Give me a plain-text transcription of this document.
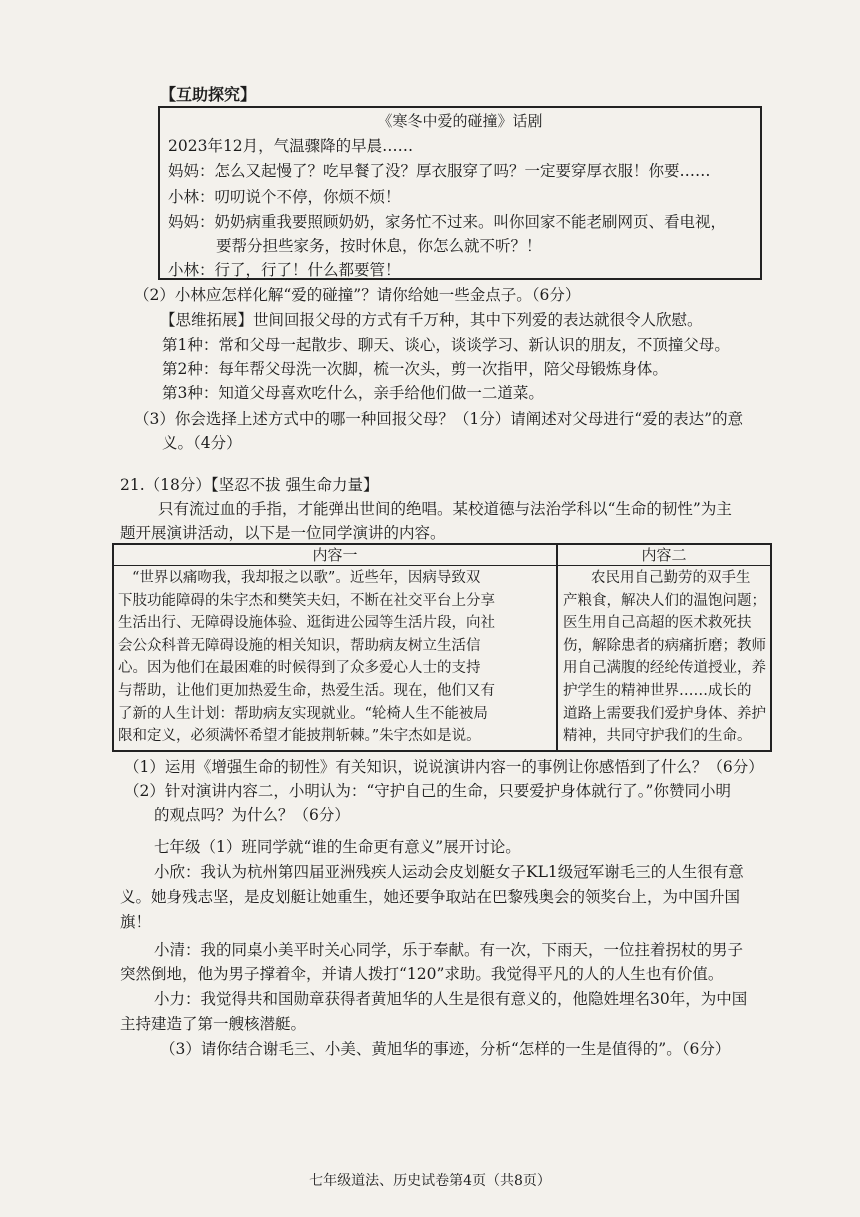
【互助探究】
《寒冬中爱的碰撞》话剧
2023年12月，气温骤降的早晨……
妈妈：怎么又起慢了？吃早餐了没？厚衣服穿了吗？一定要穿厚衣服！你要……
小林：叨叨说个不停，你烦不烦！
妈妈：奶奶病重我要照顾奶奶，家务忙不过来。叫你回家不能老刷网页、看电视，
要帮分担些家务，按时休息，你怎么就不听？！
小林：行了，行了！什么都要管！
（2）小林应怎样化解“爱的碰撞”？请你给她一些金点子。（6分）
【思维拓展】世间回报父母的方式有千万种，其中下列爱的表达就很令人欣慰。
第1种：常和父母一起散步、聊天、谈心，谈谈学习、新认识的朋友，不顶撞父母。
第2种：每年帮父母洗一次脚，梳一次头，剪一次指甲，陪父母锻炼身体。
第3种：知道父母喜欢吃什么，亲手给他们做一二道菜。
（3）你会选择上述方式中的哪一种回报父母？（1分）请阐述对父母进行“爱的表达”的意
义。（4分）
21.（18分）【坚忍不拔 强生命力量】
只有流过血的手指，才能弹出世间的绝唱。某校道德与法治学科以“生命的韧性”为主
题开展演讲活动，以下是一位同学演讲的内容。
内容一	内容二
“世界以痛吻我，我却报之以歌”。近些年，因病导致双
下肢功能障碍的朱宇杰和樊笑夫妇，不断在社交平台上分享
生活出行、无障碍设施体验、逛街进公园等生活片段，向社
会公众科普无障碍设施的相关知识，帮助病友树立生活信
心。因为他们在最困难的时候得到了众多爱心人士的支持
与帮助，让他们更加热爱生命，热爱生活。现在，他们又有
了新的人生计划：帮助病友实现就业。“轮椅人生不能被局
限和定义，必须满怀希望才能披荆斩棘。”朱宇杰如是说。
农民用自己勤劳的双手生
产粮食，解决人们的温饱问题；
医生用自己高超的医术救死扶
伤，解除患者的病痛折磨；教师
用自己满腹的经纶传道授业，养
护学生的精神世界……成长的
道路上需要我们爱护身体、养护
精神，共同守护我们的生命。
（1）运用《增强生命的韧性》有关知识，说说演讲内容一的事例让你感悟到了什么？（6分）
（2）针对演讲内容二，小明认为：“守护自己的生命，只要爱护身体就行了。”你赞同小明
的观点吗？为什么？（6分）
七年级（1）班同学就“谁的生命更有意义”展开讨论。
小欣：我认为杭州第四届亚洲残疾人运动会皮划艇女子KL1级冠军谢毛三的人生很有意
义。她身残志坚，是皮划艇让她重生，她还要争取站在巴黎残奥会的领奖台上，为中国升国
旗！
小清：我的同桌小美平时关心同学，乐于奉献。有一次，下雨天，一位拄着拐杖的男子
突然倒地，他为男子撑着伞，并请人拨打“120”求助。我觉得平凡的人的人生也有价值。
小力：我觉得共和国勋章获得者黄旭华的人生是很有意义的，他隐姓埋名30年，为中国
主持建造了第一艘核潜艇。
（3）请你结合谢毛三、小美、黄旭华的事迹，分析“怎样的一生是值得的”。（6分）
七年级道法、历史试卷第4页（共8页）
